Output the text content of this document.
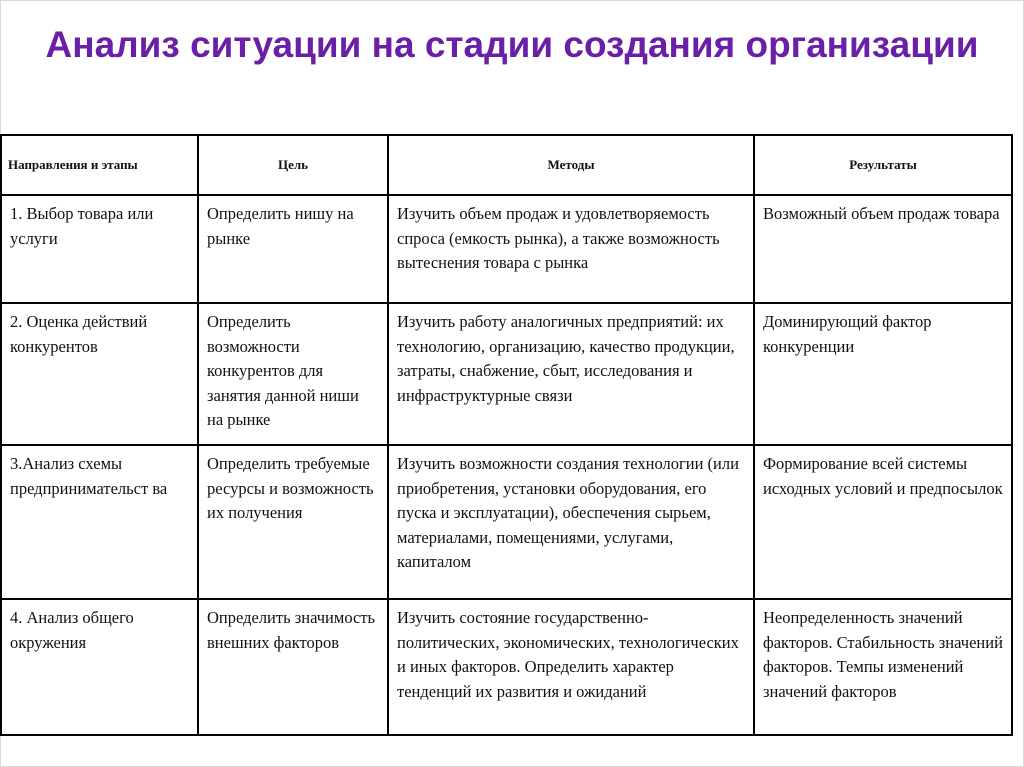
Анализ ситуации на стадии создания организации
Направления и этапы	Цель	Методы	Результаты
1. Выбор товара или услуги	Определить нишу на рынке	Изучить объем продаж и удовлетворяемость спроса (емкость рынка), а также возможность вытеснения товара с рынка	Возможный объем продаж товара
2. Оценка действий конкурентов	Определить возможности конкурентов для занятия данной ниши на рынке	Изучить работу аналогичных предприятий: их технологию, организацию, качество продукции, затраты, снабжение, сбыт, исследования и инфраструктурные связи	Доминирующий фактор конкуренции
3.Анализ схемы предпринимательст ва	Определить требуемые ресурсы и возможность их получения	Изучить возможности создания технологии (или приобретения, установки оборудования, его пуска и эксплуатации), обеспечения сырьем, материалами, помещениями, услугами, капиталом	Формирование всей системы исходных условий и предпосылок
4. Анализ общего окружения	Определить значимость внешних факторов	Изучить состояние государственно-политических, экономических, технологических и иных факторов. Определить характер тенденций их развития и ожиданий	Неопределенность значений факторов. Стабильность значений факторов. Темпы изменений значений факторов
